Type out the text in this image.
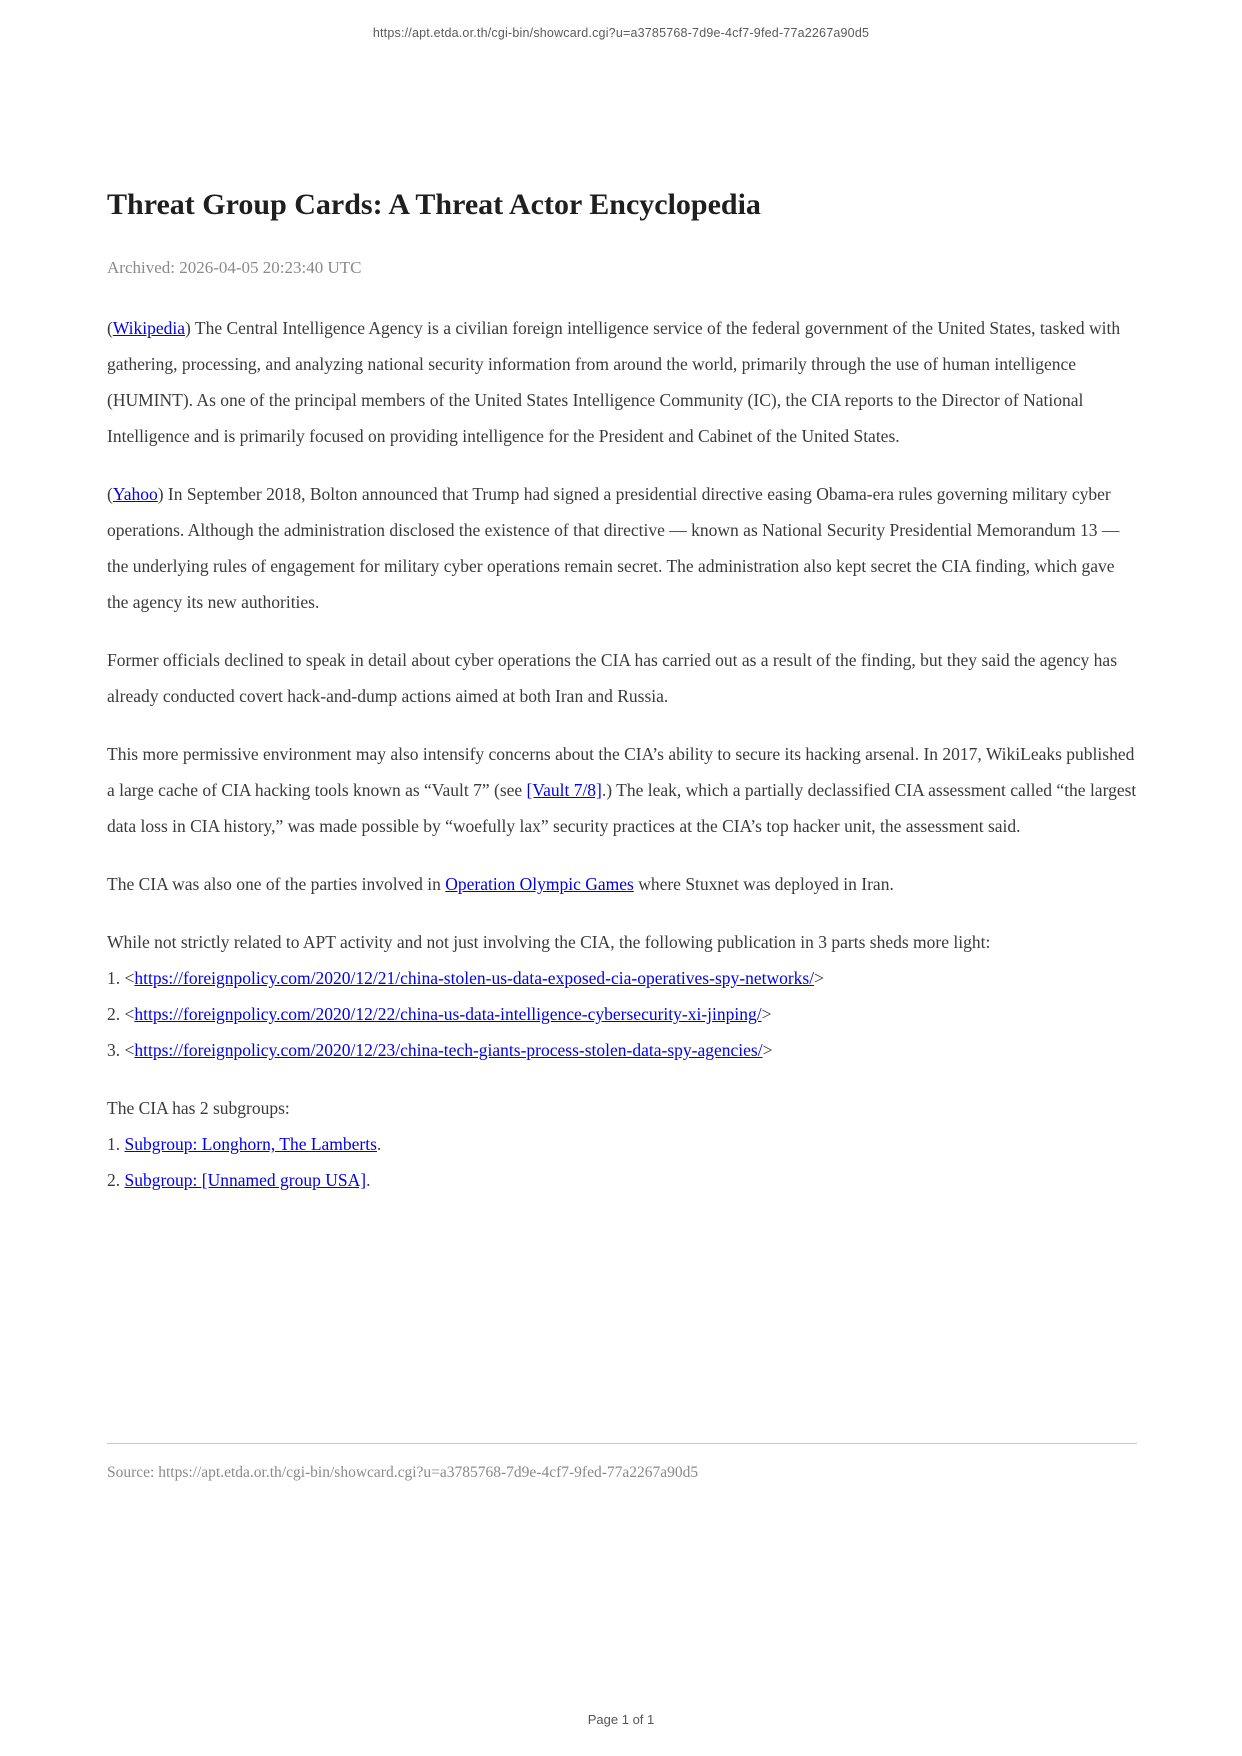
https://apt.etda.or.th/cgi-bin/showcard.cgi?u=a3785768-7d9e-4cf7-9fed-77a2267a90d5
Threat Group Cards: A Threat Actor Encyclopedia
Archived: 2026-04-05 20:23:40 UTC

(Wikipedia) The Central Intelligence Agency is a civilian foreign intelligence service of the federal government of the United States, tasked with gathering, processing, and analyzing national security information from around the world, primarily through the use of human intelligence (HUMINT). As one of the principal members of the United States Intelligence Community (IC), the CIA reports to the Director of National Intelligence and is primarily focused on providing intelligence for the President and Cabinet of the United States.

(Yahoo) In September 2018, Bolton announced that Trump had signed a presidential directive easing Obama-era rules governing military cyber operations. Although the administration disclosed the existence of that directive — known as National Security Presidential Memorandum 13 — the underlying rules of engagement for military cyber operations remain secret. The administration also kept secret the CIA finding, which gave the agency its new authorities.

Former officials declined to speak in detail about cyber operations the CIA has carried out as a result of the finding, but they said the agency has already conducted covert hack-and-dump actions aimed at both Iran and Russia.

This more permissive environment may also intensify concerns about the CIA’s ability to secure its hacking arsenal. In 2017, WikiLeaks published a large cache of CIA hacking tools known as “Vault 7” (see [Vault 7/8].) The leak, which a partially declassified CIA assessment called “the largest data loss in CIA history,” was made possible by “woefully lax” security practices at the CIA’s top hacker unit, the assessment said.

The CIA was also one of the parties involved in Operation Olympic Games where Stuxnet was deployed in Iran.

While not strictly related to APT activity and not just involving the CIA, the following publication in 3 parts sheds more light:
1. <https://foreignpolicy.com/2020/12/21/china-stolen-us-data-exposed-cia-operatives-spy-networks/>
2. <https://foreignpolicy.com/2020/12/22/china-us-data-intelligence-cybersecurity-xi-jinping/>
3. <https://foreignpolicy.com/2020/12/23/china-tech-giants-process-stolen-data-spy-agencies/>

The CIA has 2 subgroups:
1. Subgroup: Longhorn, The Lamberts.
2. Subgroup: [Unnamed group USA].

Source: https://apt.etda.or.th/cgi-bin/showcard.cgi?u=a3785768-7d9e-4cf7-9fed-77a2267a90d5
Page 1 of 1
